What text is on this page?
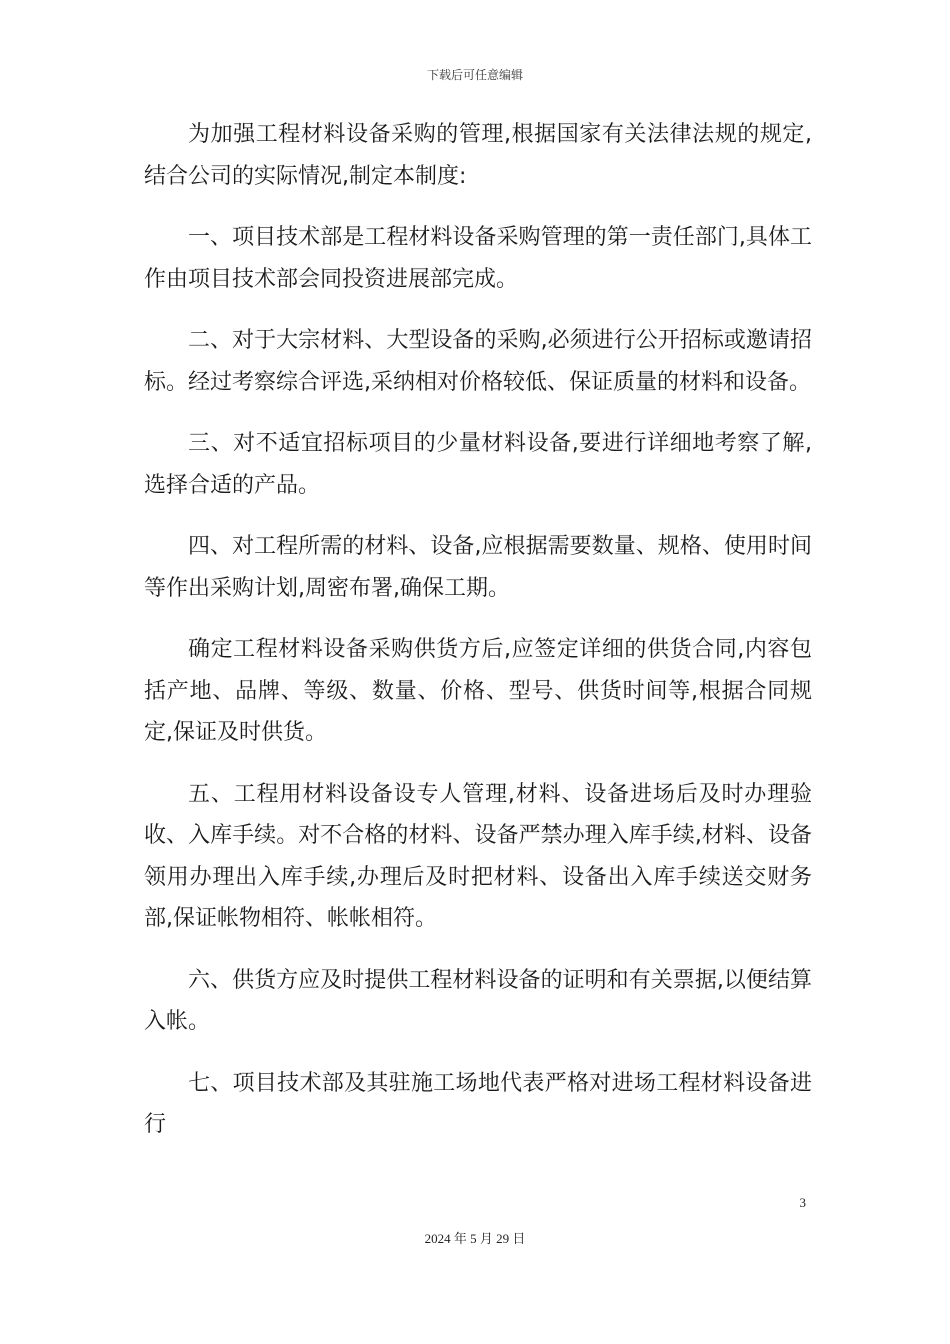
下载后可任意编辑

为加强工程材料设备采购的管理,根据国家有关法律法规的规定,结合公司的实际情况,制定本制度:

一、项目技术部是工程材料设备采购管理的第一责任部门,具体工作由项目技术部会同投资进展部完成。

二、对于大宗材料、大型设备的采购,必须进行公开招标或邀请招标。经过考察综合评选,采纳相对价格较低、保证质量的材料和设备。

三、对不适宜招标项目的少量材料设备,要进行详细地考察了解,选择合适的产品。

四、对工程所需的材料、设备,应根据需要数量、规格、使用时间等作出采购计划,周密布署,确保工期。

确定工程材料设备采购供货方后,应签定详细的供货合同,内容包括产地、品牌、等级、数量、价格、型号、供货时间等,根据合同规定,保证及时供货。

五、工程用材料设备设专人管理,材料、设备进场后及时办理验收、入库手续。对不合格的材料、设备严禁办理入库手续,材料、设备领用办理出入库手续,办理后及时把材料、设备出入库手续送交财务部,保证帐物相符、帐帐相符。

六、供货方应及时提供工程材料设备的证明和有关票据,以便结算入帐。

七、项目技术部及其驻施工场地代表严格对进场工程材料设备进行

3
2024 年 5 月 29 日
